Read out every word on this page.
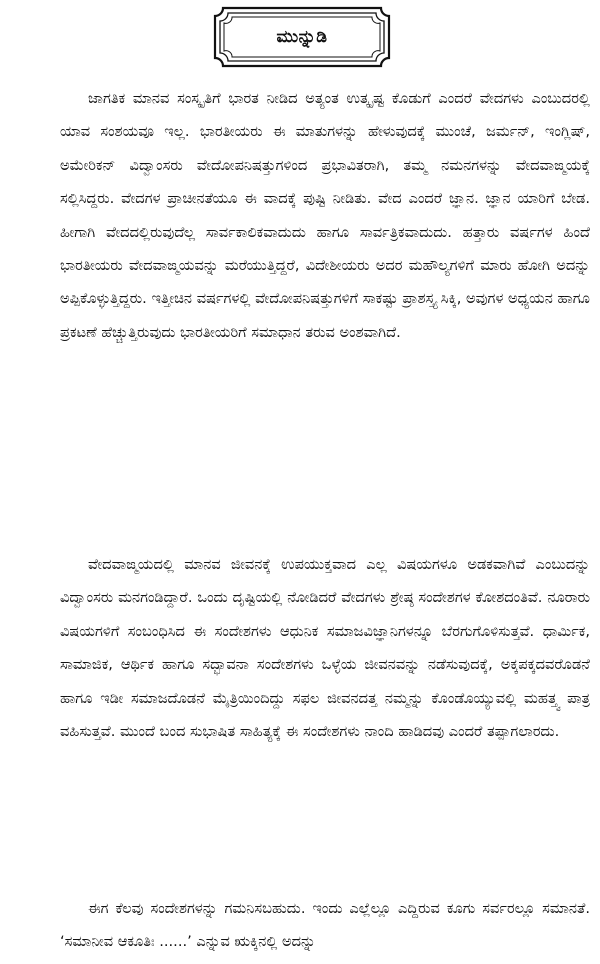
ಮುನ್ನುಡಿ

ಜಾಗತಿಕ ಮಾನವ ಸಂಸ್ಕೃತಿಗೆ ಭಾರತ ನೀಡಿದ ಅತ್ಯಂತ ಉತ್ಕೃಷ್ಟ ಕೊಡುಗೆ ಎಂದರೆ ವೇದಗಳು ಎಂಬುದರಲ್ಲಿ ಯಾವ ಸಂಶಯವೂ ಇಲ್ಲ. ಭಾರತೀಯರು ಈ ಮಾತುಗಳನ್ನು ಹೇಳುವುದಕ್ಕೆ ಮುಂಚೆ, ಜರ್ಮನ್, ಇಂಗ್ಲಿಷ್, ಅಮೇರಿಕನ್ ವಿದ್ವಾಂಸರು ವೇದೋಪನಿಷತ್ತುಗಳಿಂದ ಪ್ರಭಾವಿತರಾಗಿ, ತಮ್ಮ ನಮನಗಳನ್ನು ವೇದವಾಙ್ಮಯಕ್ಕೆ ಸಲ್ಲಿಸಿದ್ದರು. ವೇದಗಳ ಪ್ರಾಚೀನತೆಯೂ ಈ ವಾದಕ್ಕೆ ಪುಷ್ಟಿ ನೀಡಿತು. ವೇದ ಎಂದರೆ ಜ್ಞಾನ. ಜ್ಞಾನ ಯಾರಿಗೆ ಬೇಡ. ಹೀಗಾಗಿ ವೇದದಲ್ಲಿರುವುದೆಲ್ಲ ಸಾರ್ವಕಾಲಿಕವಾದುದು ಹಾಗೂ ಸಾರ್ವತ್ರಿಕವಾದುದು. ಹತ್ತಾರು ವರ್ಷಗಳ ಹಿಂದೆ ಭಾರತೀಯರು ವೇದವಾಙ್ಮಯವನ್ನು ಮರೆಯುತ್ತಿದ್ದರೆ, ವಿದೇಶೀಯರು ಅದರ ಮಹೌಲ್ಯಗಳಿಗೆ ಮಾರು ಹೋಗಿ ಅದನ್ನು ಅಪ್ಪಿಕೊಳ್ಳುತ್ತಿದ್ದರು. ಇತ್ತೀಚಿನ ವರ್ಷಗಳಲ್ಲಿ ವೇದೋಪನಿಷತ್ತುಗಳಿಗೆ ಸಾಕಷ್ಟು ಪ್ರಾಶಸ್ತ್ಯ ಸಿಕ್ಕಿ, ಅವುಗಳ ಅಧ್ಯಯನ ಹಾಗೂ ಪ್ರಕಟಣೆ ಹೆಚ್ಚುತ್ತಿರುವುದು ಭಾರತೀಯರಿಗೆ ಸಮಾಧಾನ ತರುವ ಅಂಶವಾಗಿದೆ.

ವೇದವಾಙ್ಮಯದಲ್ಲಿ ಮಾನವ ಜೀವನಕ್ಕೆ ಉಪಯುಕ್ತವಾದ ಎಲ್ಲ ವಿಷಯಗಳೂ ಅಡಕವಾಗಿವೆ ಎಂಬುದನ್ನು ವಿದ್ವಾಂಸರು ಮನಗಂಡಿದ್ದಾರೆ. ಒಂದು ದೃಷ್ಟಿಯಲ್ಲಿ ನೋಡಿದರೆ ವೇದಗಳು ಶ್ರೇಷ್ಠ ಸಂದೇಶಗಳ ಕೋಶದಂತಿವೆ. ನೂರಾರು ವಿಷಯಗಳಿಗೆ ಸಂಬಂಧಿಸಿದ ಈ ಸಂದೇಶಗಳು ಆಧುನಿಕ ಸಮಾಜವಿಜ್ಞಾನಿಗಳನ್ನೂ ಬೆರಗುಗೊಳಿಸುತ್ತವೆ. ಧಾರ್ಮಿಕ, ಸಾಮಾಜಿಕ, ಆರ್ಥಿಕ ಹಾಗೂ ಸದ್ಭಾವನಾ ಸಂದೇಶಗಳು ಒಳ್ಳೆಯ ಜೀವನವನ್ನು ನಡೆಸುವುದಕ್ಕೆ, ಅಕ್ಕಪಕ್ಕದವರೊಡನೆ ಹಾಗೂ ಇಡೀ ಸಮಾಜದೊಡನೆ ಮೈತ್ರಿಯಿಂದಿದ್ದು ಸಫಲ ಜೀವನದತ್ತ ನಮ್ಮನ್ನು ಕೊಂಡೊಯ್ಯುವಲ್ಲಿ ಮಹತ್ತ್ವ ಪಾತ್ರ ವಹಿಸುತ್ತವೆ. ಮುಂದೆ ಬಂದ ಸುಭಾಷಿತ ಸಾಹಿತ್ಯಕ್ಕೆ ಈ ಸಂದೇಶಗಳು ನಾಂದಿ ಹಾಡಿದವು ಎಂದರೆ ತಪ್ಪಾಗಲಾರದು.

ಈಗ ಕೆಲವು ಸಂದೇಶಗಳನ್ನು ಗಮನಿಸಬಹುದು. ಇಂದು ಎಲ್ಲೆಲ್ಲೂ ಎದ್ದಿರುವ ಕೂಗು ಸರ್ವರಲ್ಲೂ ಸಮಾನತೆ. ‘ಸಮಾನೀವ ಆಕೂತಿಃ ......’ ಎನ್ನುವ ಋಕ್ಕಿನಲ್ಲಿ ಅದನ್ನು
